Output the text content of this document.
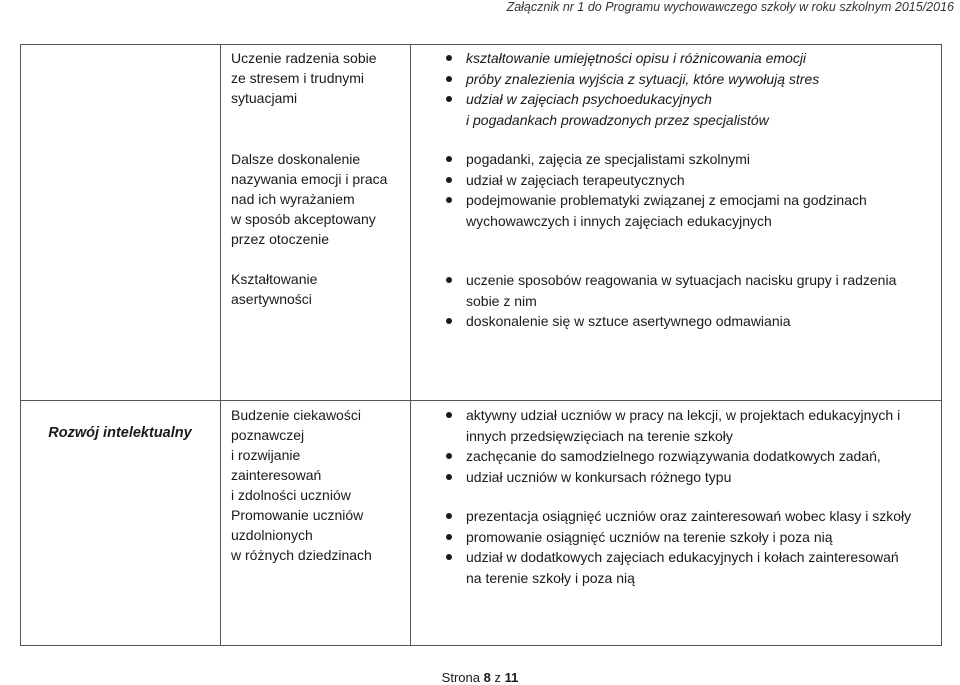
Załącznik nr 1 do Programu wychowawczego szkoły w roku szkolnym 2015/2016
Uczenie radzenia sobie
ze stresem i trudnymi
sytuacjami
kształtowanie umiejętności opisu i różnicowania emocji
próby znalezienia wyjścia z sytuacji, które wywołują stres
udział w zajęciach psychoedukacyjnych
i pogadankach prowadzonych przez specjalistów
Dalsze doskonalenie
nazywania emocji i praca
nad ich wyrażaniem
w sposób akceptowany
przez otoczenie
pogadanki, zajęcia ze specjalistami szkolnymi
udział w zajęciach terapeutycznych
podejmowanie problematyki związanej z emocjami na godzinach
wychowawczych i innych zajęciach edukacyjnych
Kształtowanie
asertywności
uczenie sposobów reagowania w sytuacjach nacisku grupy i radzenia
sobie z nim
doskonalenie się w sztuce asertywnego odmawiania
Rozwój intelektualny
Budzenie ciekawości
poznawczej
i rozwijanie
zainteresowań
i zdolności uczniów
Promowanie uczniów
uzdolnionych
w różnych dziedzinach
aktywny udział uczniów w pracy na lekcji, w projektach edukacyjnych i
innych przedsięwzięciach na terenie szkoły
zachęcanie do samodzielnego rozwiązywania dodatkowych zadań,
udział uczniów w konkursach różnego typu
prezentacja osiągnięć uczniów oraz zainteresowań wobec klasy i szkoły
promowanie osiągnięć uczniów na terenie szkoły i poza nią
udział w dodatkowych zajęciach edukacyjnych i kołach zainteresowań
na terenie szkoły i poza nią
Strona 8 z 11
